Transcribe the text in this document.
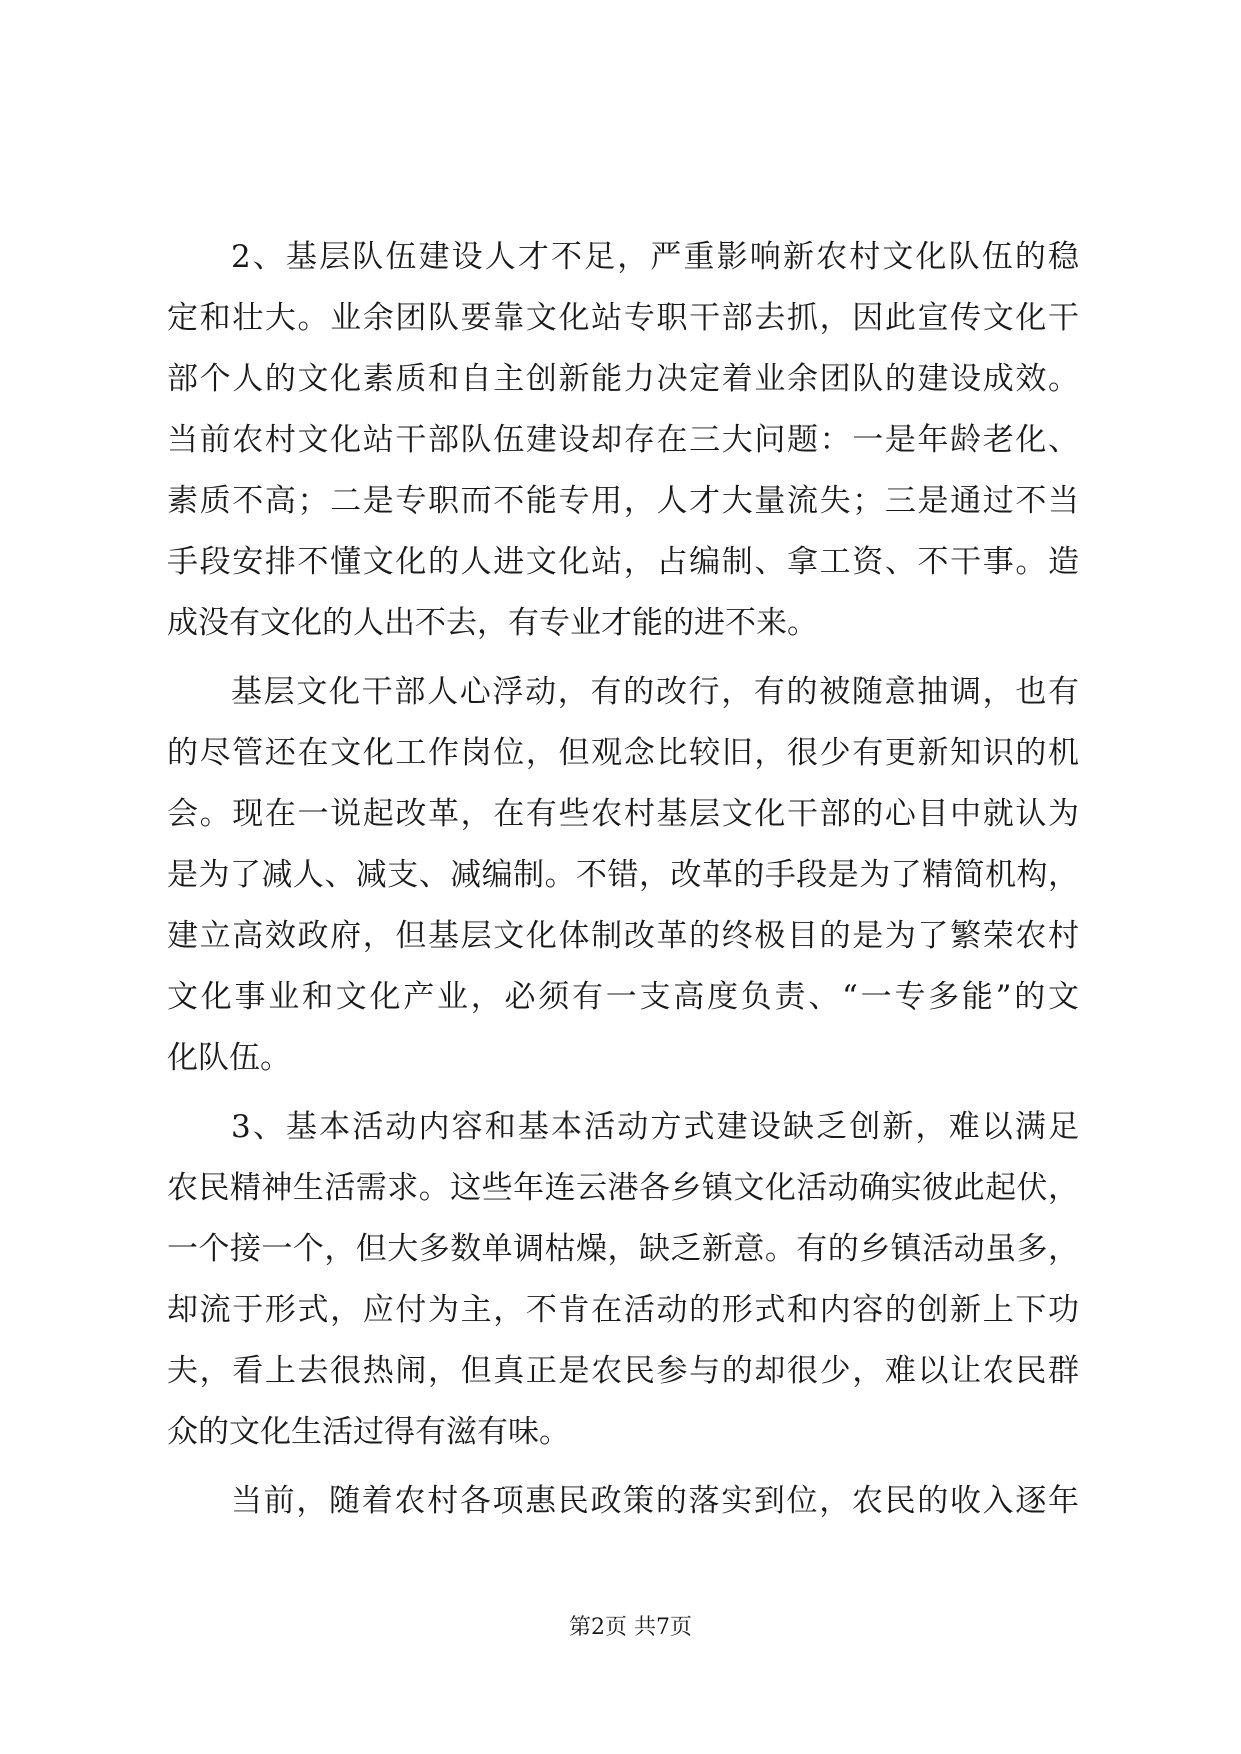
2、基层队伍建设人才不足，严重影响新农村文化队伍的稳
定和壮大。业余团队要靠文化站专职干部去抓，因此宣传文化干
部个人的文化素质和自主创新能力决定着业余团队的建设成效。
当前农村文化站干部队伍建设却存在三大问题：一是年龄老化、
素质不高；二是专职而不能专用，人才大量流失；三是通过不当
手段安排不懂文化的人进文化站，占编制、拿工资、不干事。造
成没有文化的人出不去，有专业才能的进不来。
基层文化干部人心浮动，有的改行，有的被随意抽调，也有
的尽管还在文化工作岗位，但观念比较旧，很少有更新知识的机
会。现在一说起改革，在有些农村基层文化干部的心目中就认为
是为了减人、减支、减编制。不错，改革的手段是为了精简机构，
建立高效政府，但基层文化体制改革的终极目的是为了繁荣农村
文化事业和文化产业，必须有一支高度负责、“一专多能”的文
化队伍。
3、基本活动内容和基本活动方式建设缺乏创新，难以满足
农民精神生活需求。这些年连云港各乡镇文化活动确实彼此起伏，
一个接一个，但大多数单调枯燥，缺乏新意。有的乡镇活动虽多，
却流于形式，应付为主，不肯在活动的形式和内容的创新上下功
夫，看上去很热闹，但真正是农民参与的却很少，难以让农民群
众的文化生活过得有滋有味。
当前，随着农村各项惠民政策的落实到位，农民的收入逐年
第2页 共7页
